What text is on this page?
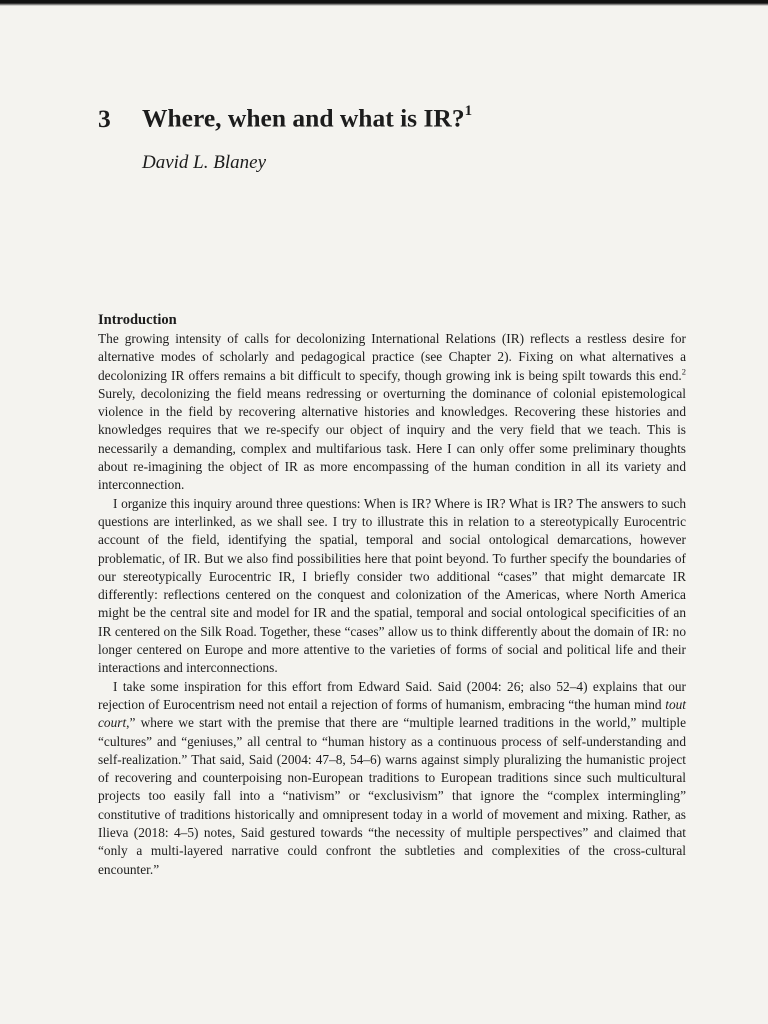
3 Where, when and what is IR?$^1$
David L. Blaney
Introduction

The growing intensity of calls for decolonizing International Relations (IR) reflects a restless desire for alternative modes of scholarly and pedagogical practice (see Chapter 2). Fixing on what alternatives a decolonizing IR offers remains a bit difficult to specify, though growing ink is being spilt towards this end.$^2$ Surely, decolonizing the field means redressing or overturning the dominance of colonial epistemological violence in the field by recovering alternative histories and knowledges. Recovering these histories and knowledges requires that we re-specify our object of inquiry and the very field that we teach. This is necessarily a demanding, complex and multifarious task. Here I can only offer some preliminary thoughts about re-imagining the object of IR as more encompassing of the human condition in all its variety and interconnection.

I organize this inquiry around three questions: When is IR? Where is IR? What is IR? The answers to such questions are interlinked, as we shall see. I try to illustrate this in relation to a stereotypically Eurocentric account of the field, identifying the spatial, temporal and social ontological demarcations, however problematic, of IR. But we also find possibilities here that point beyond. To further specify the boundaries of our stereotypically Eurocentric IR, I briefly consider two additional “cases” that might demarcate IR differently: reflections centered on the conquest and colonization of the Americas, where North America might be the central site and model for IR and the spatial, temporal and social ontological specificities of an IR centered on the Silk Road. Together, these “cases” allow us to think differently about the domain of IR: no longer centered on Europe and more attentive to the varieties of forms of social and political life and their interactions and interconnections.

I take some inspiration for this effort from Edward Said. Said (2004: 26; also 52–4) explains that our rejection of Eurocentrism need not entail a rejection of forms of humanism, embracing “the human mind tout court,” where we start with the premise that there are “multiple learned traditions in the world,” multiple “cultures” and “geniuses,” all central to “human history as a continuous process of self-understanding and self-realization.” That said, Said (2004: 47–8, 54–6) warns against simply pluralizing the humanistic project of recovering and counterpoising non-European traditions to European traditions since such multicultural projects too easily fall into a “nativism” or “exclusivism” that ignore the “complex intermingling” constitutive of traditions historically and omnipresent today in a world of movement and mixing. Rather, as Ilieva (2018: 4–5) notes, Said gestured towards “the necessity of multiple perspectives” and claimed that “only a multi-layered narrative could confront the subtleties and complexities of the cross-cultural encounter.”
